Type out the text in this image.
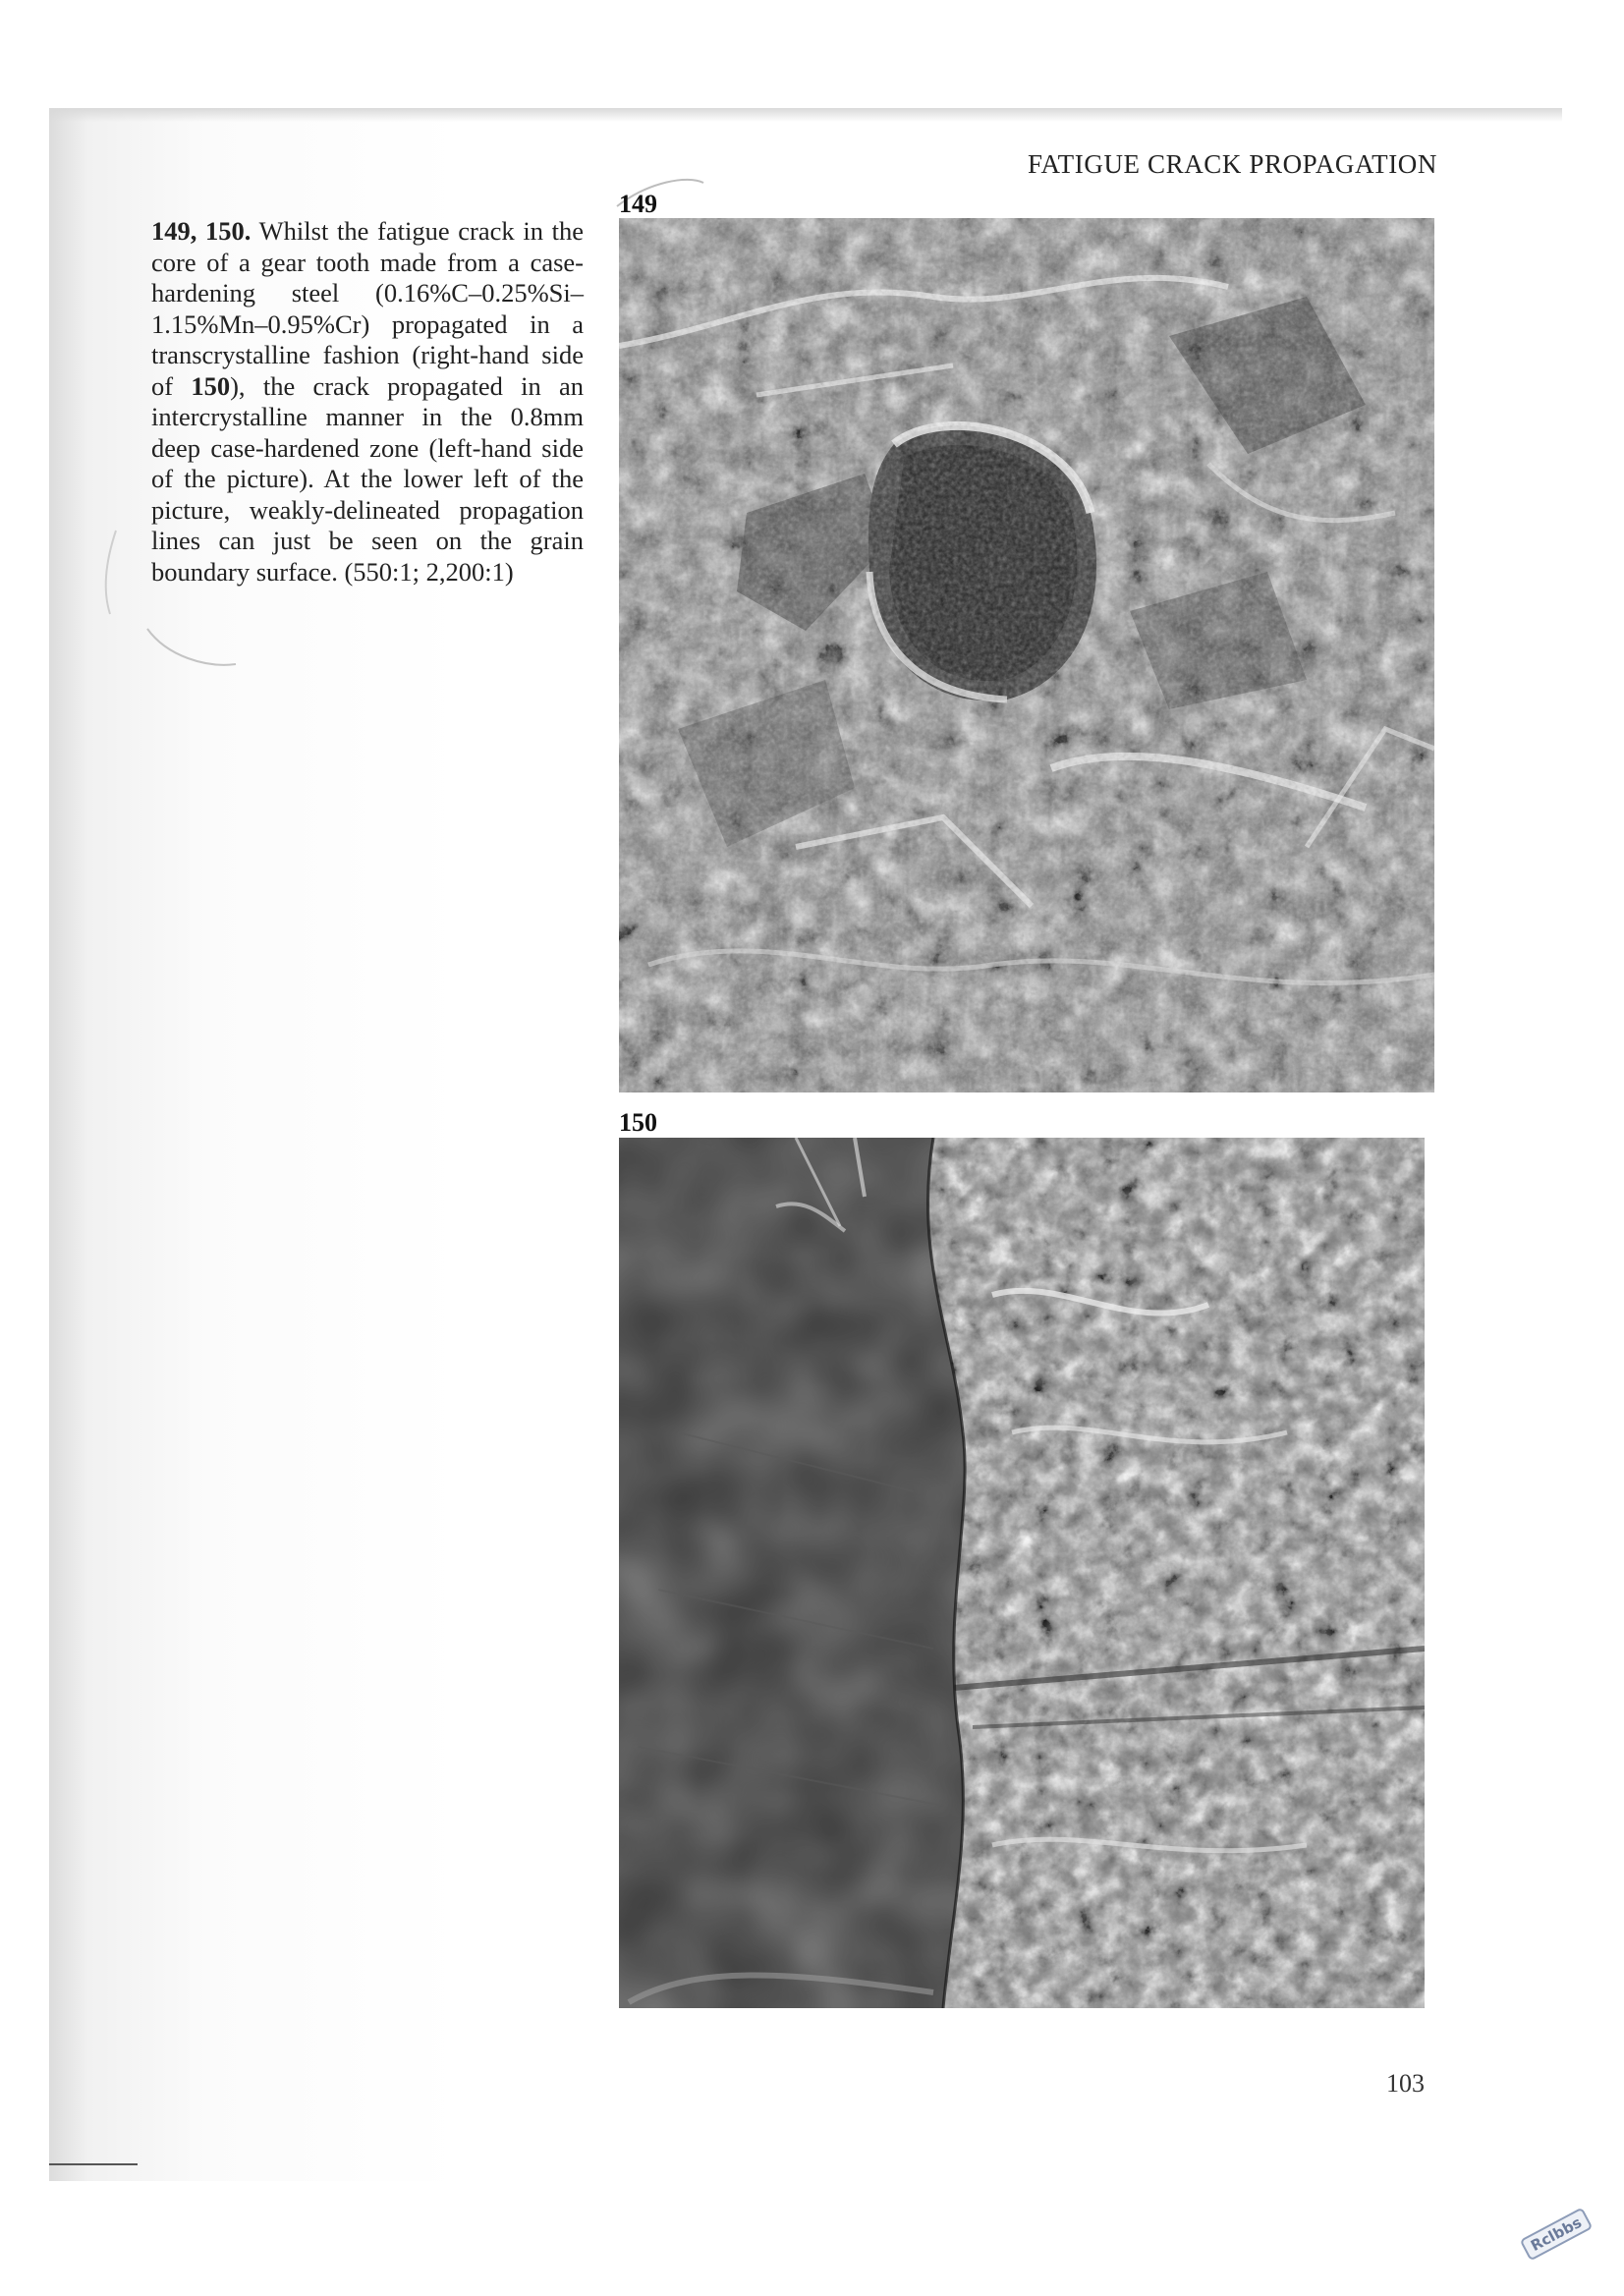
FATIGUE CRACK PROPAGATION

149, 150. Whilst the fatigue crack in the core of a gear tooth made from a case-hardening steel (0.16%C–0.25%Si–1.15%Mn–0.95%Cr) propagated in a transcrystalline fashion (right-hand side of 150), the crack propagated in an intercrystalline manner in the 0.8mm deep case-hardened zone (left-hand side of the picture). At the lower left of the picture, weakly-delineated propagation lines can just be seen on the grain boundary surface. (550:1; 2,200:1)

149
150
103
Rclbbs
